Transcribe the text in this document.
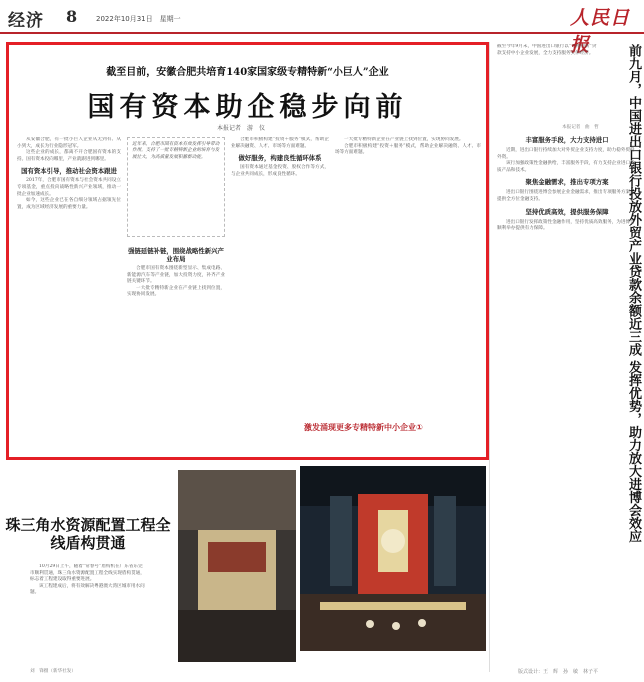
经济 8	2022年10月31日　星期一	人民日报
截至目前，安徽合肥共培育140家国家级专精特新“小巨人”企业
国有资本助企稳步向前
本报记者　游　仪

从安徽合肥，有一批小巨人企业从无到有、从小到大，成长为行业隐形冠军。

这些企业的成长，都离不开合肥国有资本的支持。国有资本投向哪里，产业就跟进到哪里。

国有资本引导，推动社会资本跟进

2017年，合肥市国有资本与社会资本共同设立专项基金，重点投向战略性新兴产业领域，推动一批企业加速成长。

如今，这些企业已在各自细分领域占据领先位置，成为区域经济发展的重要力量。

近年来，合肥市国有资本有效发挥引导带动作用，支持了一批专精特新企业的培育与发展壮大，为高质量发展积蓄新动能。
强链延链补链，围绕战略性新兴产业布局

合肥市国有资本围绕新型显示、集成电路、新能源汽车等产业链，加大投资力度，补齐产业链关键环节。

一大批专精特新企业在产业链上找到位置，实现协同发展。

合肥市积极构建“投资＋服务”模式，帮助企业解决融资、人才、市场等方面难题。

做好服务，构建良性循环体系

国有资本通过基金投资、股权合作等方式，与企业共同成长，形成良性循环。

一大批专精特新企业在产业链上找到位置，实现协同发展。

合肥市积极构建“投资＋服务”模式，帮助企业解决融资、人才、市场等方面难题。

激发涌现更多专精特新中小企业①
截至今年9月末，中国进出口银行以“专精特新”贷款支持中小企业发展，全力支持服务实体经济。	前九月，中国进出口银行投放外贸产业贷款余额近三成 发挥优势，助力放大进博会效应
本报记者　曲　哲
丰富服务手段，大力支持进口

近期，进出口银行持续加大对外贸企业支持力度，助力稳外贸稳外资。

该行加强政策性金融供给，丰富服务手段，有力支持企业进口优质产品和技术。

聚焦金融需求，推出专项方案

进出口银行围绕进博会参展企业金融需求，推出专项服务方案，提供全方位金融支持。

坚持优质高效，提供服务保障

进出口银行发挥政策性金融作用，坚持优质高效服务，为进博会顺利举办提供有力保障。

珠三角水资源配置工程全线盾构贯通

10月29日上午，随着“常春号”盾构机在广东省东莞市顺利贯通，珠三角水资源配置工程全线实现盾构贯通，标志着工程建设取得重要进展。

该工程建成后，将有效解决粤港澳大湾区城市用水问题。

刘　锋摄（新华社发）	版式设计：王　辉　孙　敏　林子平
